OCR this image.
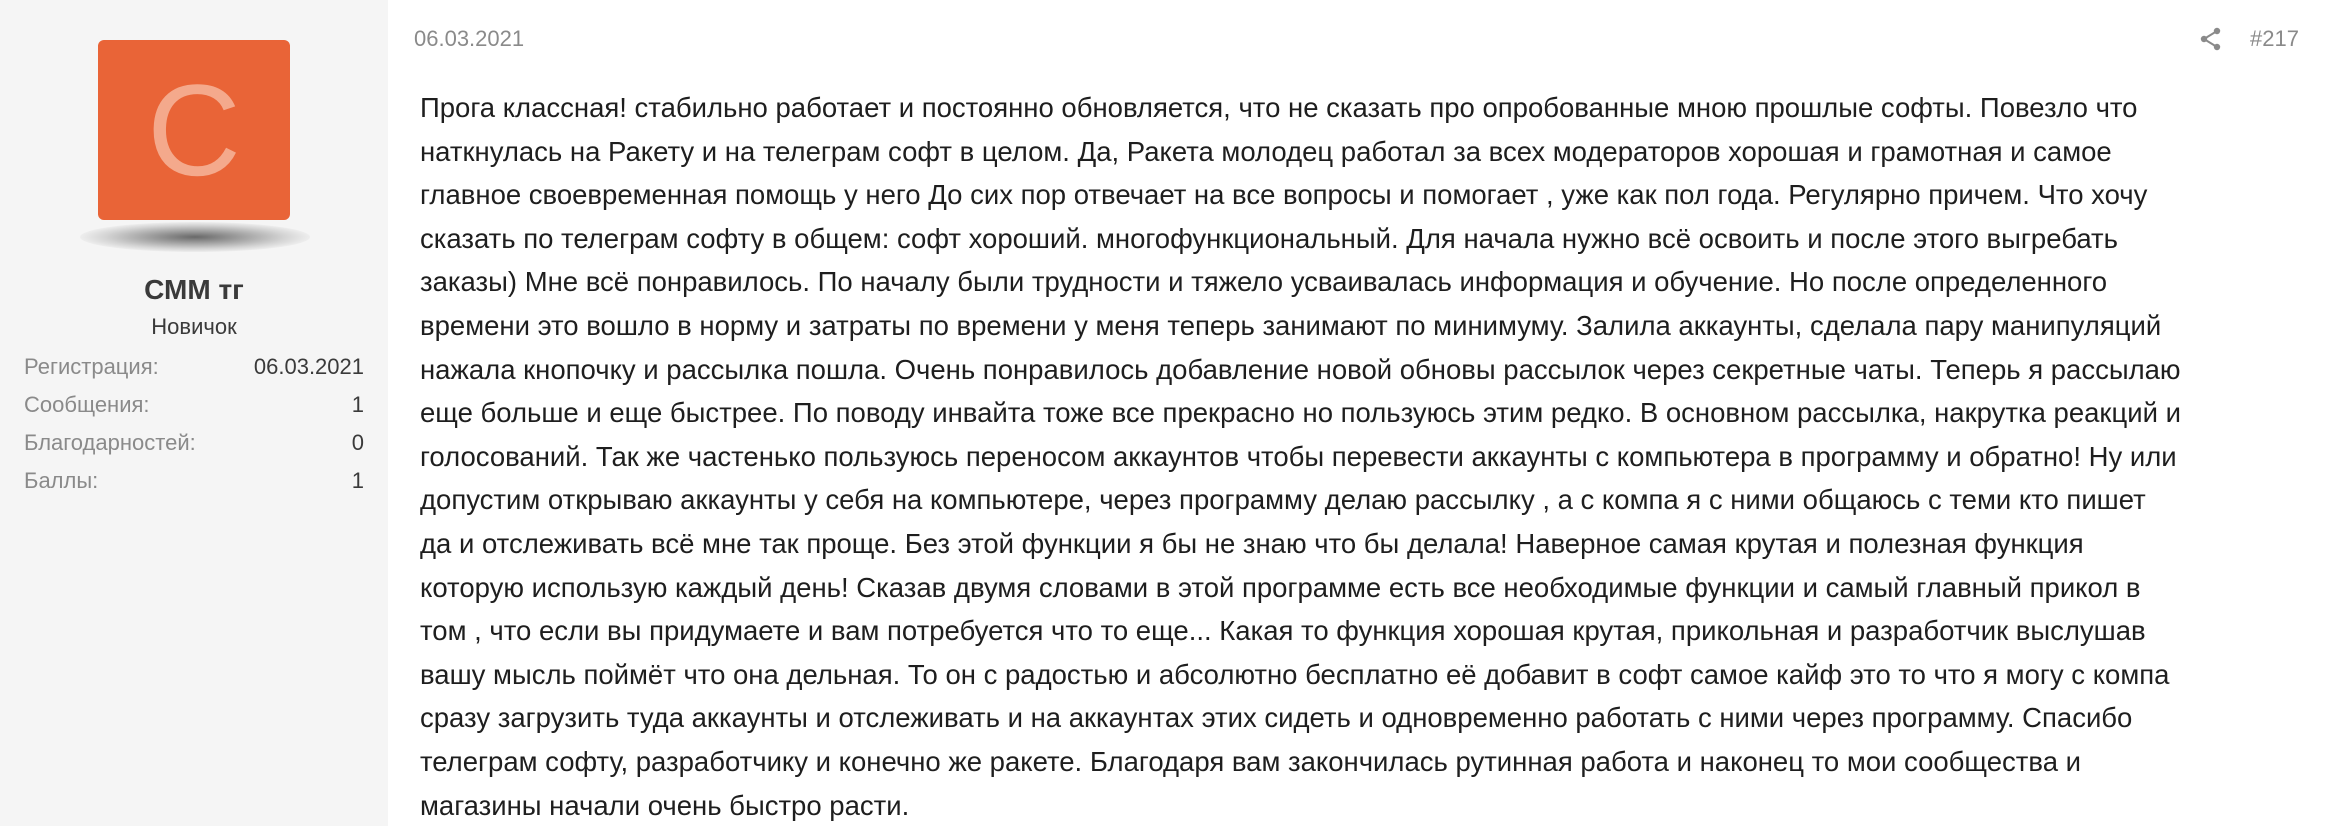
С
СММ тг
Новичок
Регистрация:	06.03.2021
Сообщения:	1
Благодарностей:	0
Баллы:	1
06.03.2021	#217
Прога классная! стабильно работает и постоянно обновляется, что не сказать про опробованные мною прошлые софты. Повезло что
наткнулась на Ракету и на телеграм софт в целом. Да, Ракета молодец работал за всех модераторов хорошая и грамотная и самое
главное своевременная помощь у него До сих пор отвечает на все вопросы и помогает , уже как пол года. Регулярно причем. Что хочу
сказать по телеграм софту в общем: софт хороший. многофункциональный. Для начала нужно всё освоить и после этого выгребать
заказы) Мне всё понравилось. По началу были трудности и тяжело усваивалась информация и обучение. Но после определенного
времени это вошло в норму и затраты по времени у меня теперь занимают по минимуму. Залила аккаунты, сделала пару манипуляций
нажала кнопочку и рассылка пошла. Очень понравилось добавление новой обновы рассылок через секретные чаты. Теперь я рассылаю
еще больше и еще быстрее. По поводу инвайта тоже все прекрасно но пользуюсь этим редко. В основном рассылка, накрутка реакций и
голосований. Так же частенько пользуюсь переносом аккаунтов чтобы перевести аккаунты с компьютера в программу и обратно! Ну или
допустим открываю аккаунты у себя на компьютере, через программу делаю рассылку , а с компа я с ними общаюсь с теми кто пишет
да и отслеживать всё мне так проще. Без этой функции я бы не знаю что бы делала! Наверное самая крутая и полезная функция
которую использую каждый день! Сказав двумя словами в этой программе есть все необходимые функции и самый главный прикол в
том , что если вы придумаете и вам потребуется что то еще... Какая то функция хорошая крутая, прикольная и разработчик выслушав
вашу мысль поймёт что она дельная. То он с радостью и абсолютно бесплатно её добавит в софт самое кайф это то что я могу с компа
сразу загрузить туда аккаунты и отслеживать и на аккаунтах этих сидеть и одновременно работать с ними через программу. Спасибо
телеграм софту, разработчику и конечно же ракете. Благодаря вам закончилась рутинная работа и наконец то мои сообщества и
магазины начали очень быстро расти.
